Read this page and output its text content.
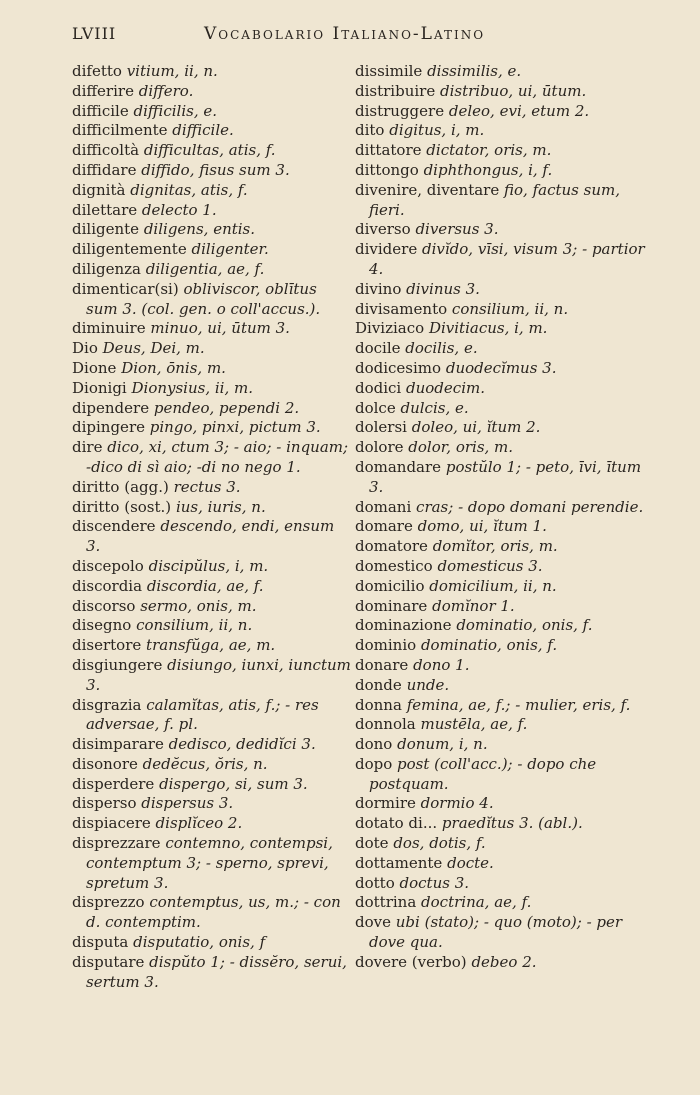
LVIII	Vocabolario Italiano-Latino
difetto vitium, ii, n.
differire differo.
difficile difficilis, e.
difficilmente difficile.
difficoltà difficultas, atis, f.
diffidare diffido, fisus sum 3.
dignità dignitas, atis, f.
dilettare delecto 1.
diligente diligens, entis.
diligentemente diligenter.
diligenza diligentia, ae, f.
dimenticar(si) obliviscor, oblītus sum 3. (col. gen. o coll'accus.).
diminuire minuo, ui, ūtum 3.
Dio Deus, Dei, m.
Dione Dion, ōnis, m.
Dionigi Dionysius, ii, m.
dipendere pendeo, pependi 2.
dipingere pingo, pinxi, pictum 3.
dire dico, xi, ctum 3; - aio; - inquam; -dico di sì aio; -di no nego 1.
diritto (agg.) rectus 3.
diritto (sost.) ius, iuris, n.
discendere descendo, endi, ensum 3.
discepolo discipŭlus, i, m.
discordia discordia, ae, f.
discorso sermo, onis, m.
disegno consilium, ii, n.
disertore transfŭga, ae, m.
disgiungere disiungo, iunxi, iunctum 3.
disgrazia calamĭtas, atis, f.; - res adversae, f. pl.
disimparare dedisco, dedidĭci 3.
disonore dedĕcus, ŏris, n.
disperdere dispergo, si, sum 3.
disperso dispersus 3.
dispiacere displĭceo 2.
disprezzare contemno, contempsi, contemptum 3; - sperno, sprevi, spretum 3.
disprezzo contemptus, us, m.; - con d. contemptim.
disputa disputatio, onis, f
disputare dispŭto 1; - dissĕro, serui, sertum 3.
dissimile dissimilis, e.
distribuire distribuo, ui, ūtum.
distruggere deleo, evi, etum 2.
dito digitus, i, m.
dittatore dictator, oris, m.
dittongo diphthongus, i, f.
divenire, diventare fio, factus sum, fieri.
diverso diversus 3.
dividere divĭdo, vīsi, visum 3; - partior 4.
divino divinus 3.
divisamento consilium, ii, n.
Diviziaco Divitiacus, i, m.
docile docilis, e.
dodicesimo duodecĭmus 3.
dodici duodecim.
dolce dulcis, e.
dolersi doleo, ui, ĭtum 2.
dolore dolor, oris, m.
domandare postŭlo 1; - peto, īvi, ītum 3.
domani cras; - dopo domani perendie.
domare domo, ui, ĭtum 1.
domatore domĭtor, oris, m.
domestico domesticus 3.
domicilio domicilium, ii, n.
dominare domĭnor 1.
dominazione dominatio, onis, f.
dominio dominatio, onis, f.
donare dono 1.
donde unde.
donna femina, ae, f.; - mulier, eris, f.
donnola mustēla, ae, f.
dono donum, i, n.
dopo post (coll'acc.); - dopo che postquam.
dormire dormio 4.
dotato di... praedĭtus 3. (abl.).
dote dos, dotis, f.
dottamente docte.
dotto doctus 3.
dottrina doctrina, ae, f.
dove ubi (stato); - quo (moto); - per dove qua.
dovere (verbo) debeo 2.
